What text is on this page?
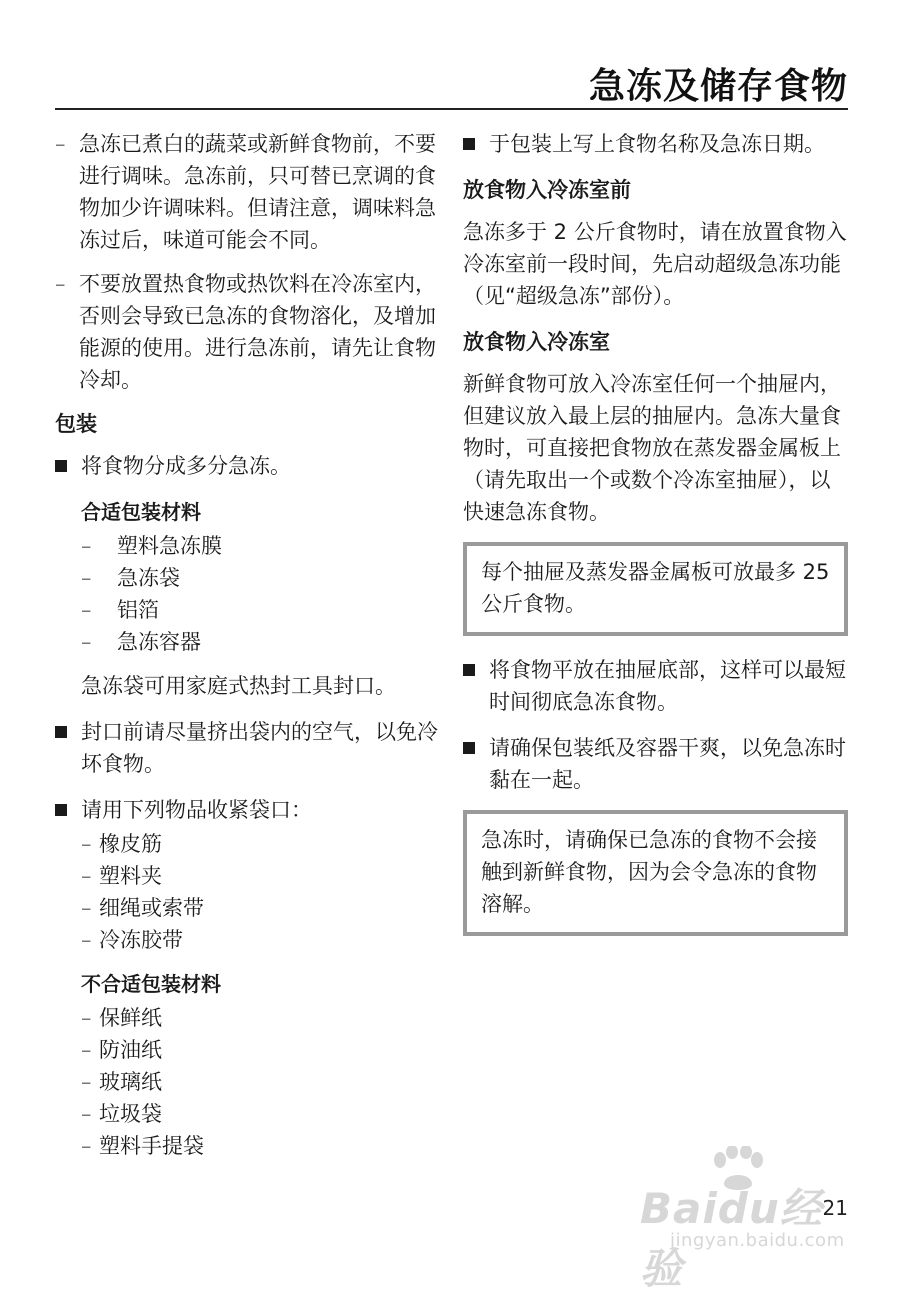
急冻及储存食物
– 急冻已煮白的蔬菜或新鲜食物前，不要进行调味。急冻前，只可替已烹调的食物加少许调味料。但请注意，调味料急冻过后，味道可能会不同。
– 不要放置热食物或热饮料在冷冻室内，否则会导致已急冻的食物溶化，及增加能源的使用。进行急冻前，请先让食物冷却。
包装
将食物分成多分急冻。
合适包装材料
– 塑料急冻膜
– 急冻袋
– 铝箔
– 急冻容器
急冻袋可用家庭式热封工具封口。
封口前请尽量挤出袋内的空气，以免冷坏食物。
请用下列物品收紧袋口：
– 橡皮筋
– 塑料夹
– 细绳或索带
– 冷冻胶带
不合适包装材料
– 保鲜纸
– 防油纸
– 玻璃纸
– 垃圾袋
– 塑料手提袋
于包装上写上食物名称及急冻日期。
放食物入冷冻室前
急冻多于 2 公斤食物时，请在放置食物入冷冻室前一段时间，先启动超级急冻功能（见“超级急冻”部份）。
放食物入冷冻室
新鲜食物可放入冷冻室任何一个抽屉内，但建议放入最上层的抽屉内。急冻大量食物时，可直接把食物放在蒸发器金属板上（请先取出一个或数个冷冻室抽屉），以快速急冻食物。
每个抽屉及蒸发器金属板可放最多 25 公斤食物。
将食物平放在抽屉底部，这样可以最短时间彻底急冻食物。
请确保包装纸及容器干爽，以免急冻时黏在一起。
急冻时，请确保已急冻的食物不会接触到新鲜食物，因为会令急冻的食物溶解。
Baidu经验
jingyan.baidu.com
21
